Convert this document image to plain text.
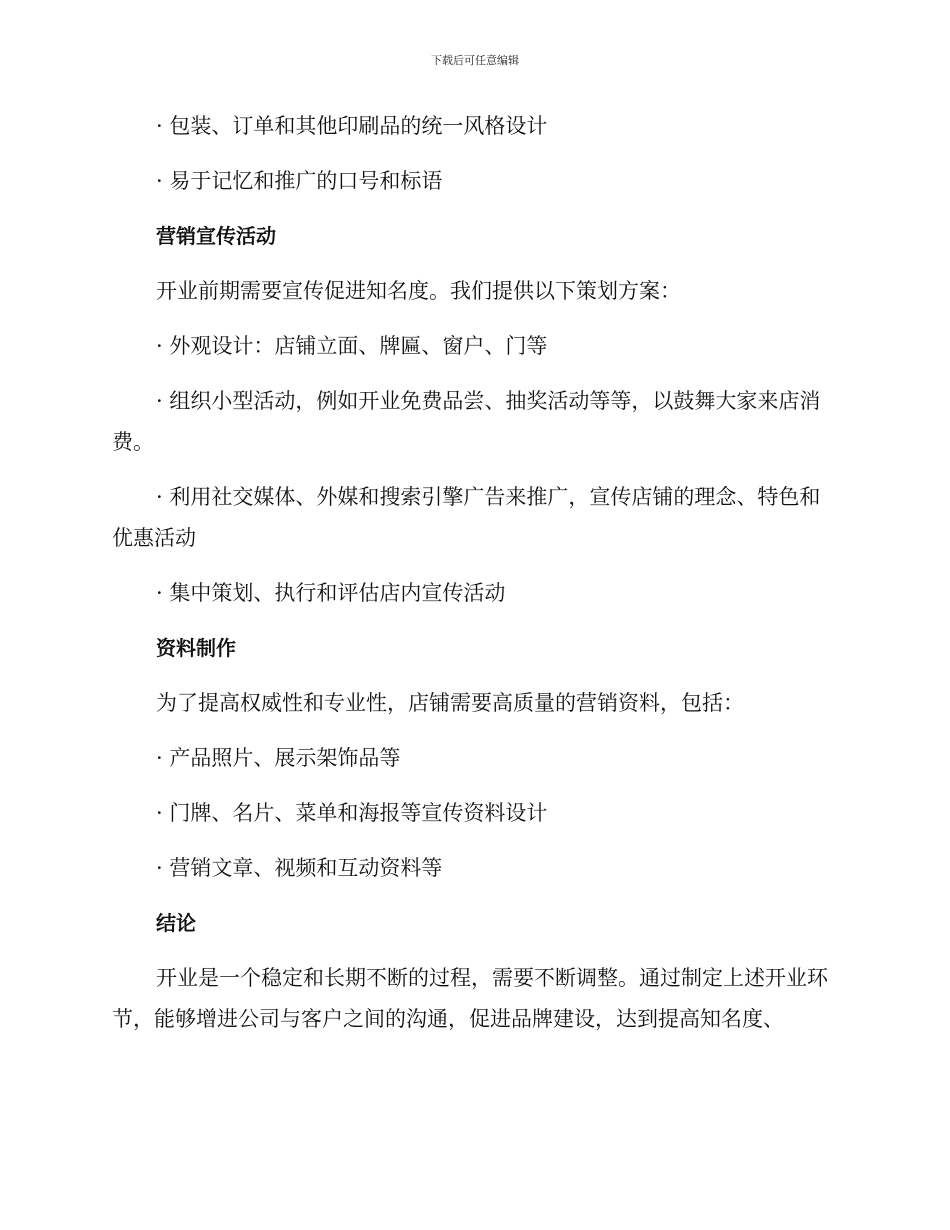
下载后可任意编辑

· 包装、订单和其他印刷品的统一风格设计

· 易于记忆和推广的口号和标语

营销宣传活动

开业前期需要宣传促进知名度。我们提供以下策划方案：

· 外观设计：店铺立面、牌匾、窗户、门等

· 组织小型活动，例如开业免费品尝、抽奖活动等等，以鼓舞大家来店消费。

· 利用社交媒体、外媒和搜索引擎广告来推广，宣传店铺的理念、特色和优惠活动

· 集中策划、执行和评估店内宣传活动

资料制作

为了提高权威性和专业性，店铺需要高质量的营销资料，包括：

· 产品照片、展示架饰品等

· 门牌、名片、菜单和海报等宣传资料设计

· 营销文章、视频和互动资料等

结论

开业是一个稳定和长期不断的过程，需要不断调整。通过制定上述开业环节，能够增进公司与客户之间的沟通，促进品牌建设，达到提高知名度、
